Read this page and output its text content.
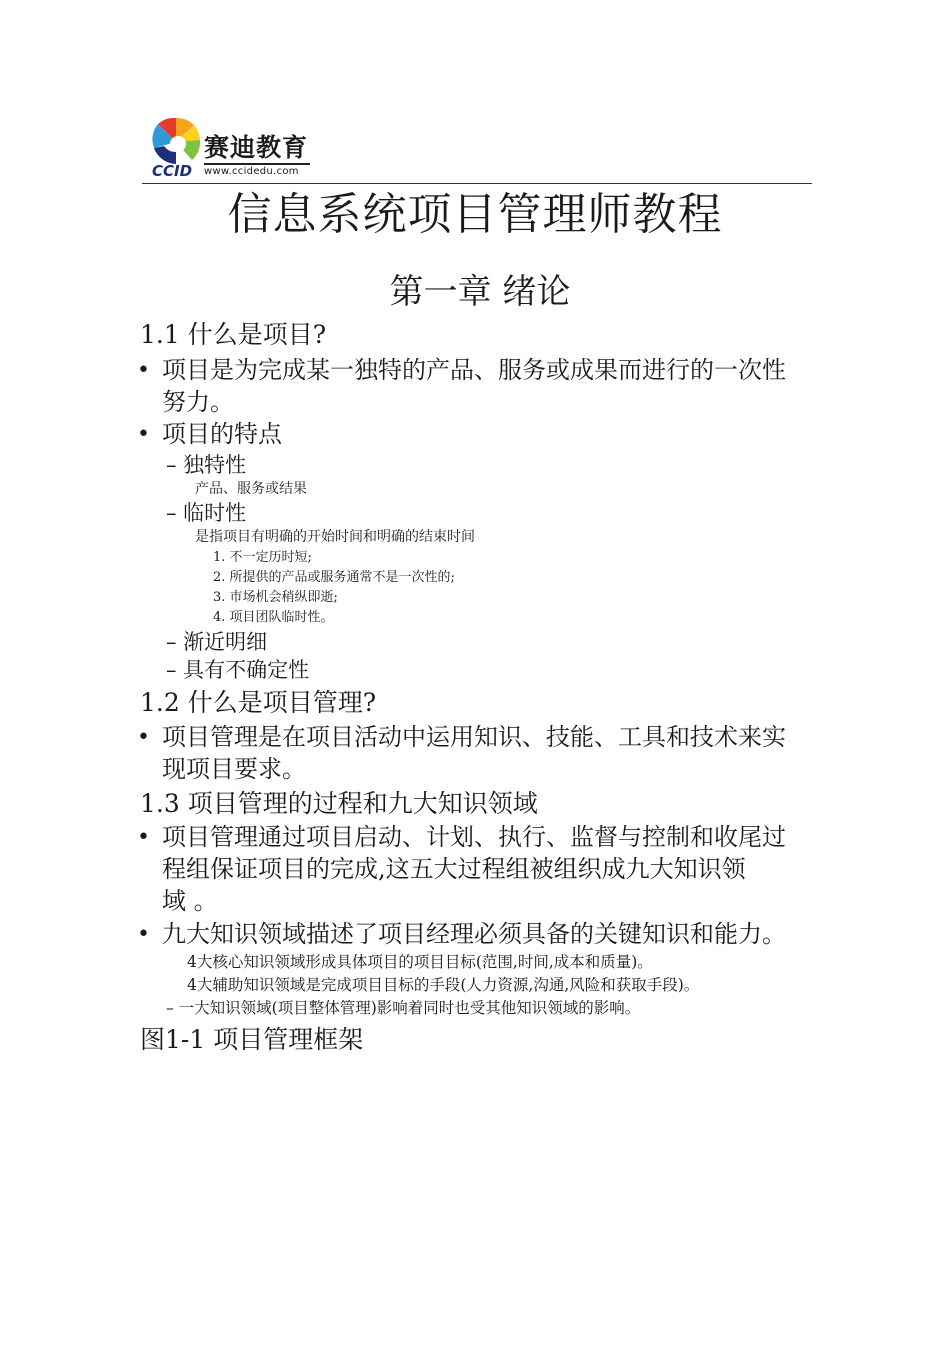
赛迪教育
CCID www.ccidedu.com
信息系统项目管理师教程
第一章 绪论
1.1 什么是项目?
• 项目是为完成某一独特的产品、服务或成果而进行的一次性
努力。
• 项目的特点
– 独特性
产品、服务或结果
– 临时性
是指项目有明确的开始时间和明确的结束时间
1. 不一定历时短;
2. 所提供的产品或服务通常不是一次性的;
3. 市场机会稍纵即逝;
4. 项目团队临时性。
– 渐近明细
– 具有不确定性
1.2 什么是项目管理?
• 项目管理是在项目活动中运用知识、技能、工具和技术来实
现项目要求。
1.3 项目管理的过程和九大知识领域
• 项目管理通过项目启动、计划、执行、监督与控制和收尾过
程组保证项目的完成,这五大过程组被组织成九大知识领
域 。
• 九大知识领域描述了项目经理必须具备的关键知识和能力。
4大核心知识领域形成具体项目的项目目标(范围,时间,成本和质量)。
4大辅助知识领域是完成项目目标的手段(人力资源,沟通,风险和获取手段)。
– 一大知识领域(项目整体管理)影响着同时也受其他知识领域的影响。
图1-1 项目管理框架
